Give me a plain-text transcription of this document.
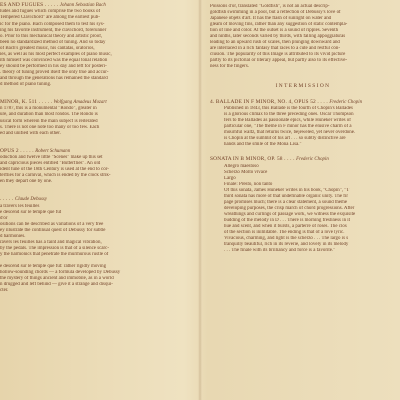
ES AND FUGUES . . . . . Johann Sebastian Bach
ludes and fugues which comprise the two books of
Tempered Clavichord" are among the earliest pub-
ic for the piano. Bach composed them to test his sys-
ing his favorite instrument, the clavichord, forerunner
o. Prior to this mechanical theory and artistic proof,
been no standardized method of tuning. And so today
of Bach's greatest music, his cantatas, oratorios,
ies, as well as his most perfect examples of piano music,
ith himself was convinced was the equal tonal relation
ey should be performed in his day and left for posteri-
. theory of tuning proved itself the only true and accur-
and through the generations has remained the standard
d method of piano tuning.
MINOR, K. 511 . . . . . Wolfgang Amadeus Mozart
n 1787, this is a monumental "Rondo", greater in
ure, and duration than most rondos. The Rondo is
usical form wherein the main subject is reiterated
s. There is not one note too many or too few. Each
ed and unified with each other.
OPUS 2 . . . . . Robert Schumann
oduction and twelve little "Scenes" make up this set
and capricious pieces entitled "Butterflies". An old
ident tune of the 18th Century is used at the end to cor-
terflies for a carnival, which is ended by the clock strik-
en they depart one by one.
. . . . . Claude Debussy
a travers les feuilles
e descend sur le temple que fut
d'or
ositions can be described as variations of a very free
ey illustrate the continual quest of Debussy for subtle
d harmonies.
ravers les feuilles has a faint and magical vibration,
by the pedals. The impression is that of a silence scarc-
y the harmonics that penetrate the murmurous rustle of
e descend sur le temple que fut: rather rigidly moving
hollow-sounding chords — a formula developed by Debussy
the mystery of things ancient and immobile, as in a world
n drugged and left behind — give it a strange and disqui-
cter.
Poissons d'or, translated "Goldfish", is not an actual descrip-
goldfish swimming in a pool, but a reflection of Debussy's love of
Japanese objets d'art. It has the flash of sunlight on water and
gleam of moving fins, rather than any suggestion of static contempla-
tion of line and color. At the outset is a sound of ripples. Seventh
and ninths, later seconds varied by thirds, with falling appoggiaturas
leading to an upward rush of scales, then plunging downward and
are interlaced in a rich fantasy that races to a cute and restful con-
clusion. The popularity of this Image is attributed to its vivid picture
partly to its pictorial or literary appeal, but partly also to its effective-
ness for the fingers.
INTERMISSION
4. BALLADE IN F MINOR, NO. 4, OPUS 52 . . . . Frederic Chopin
Published in 1843, this Ballade is the fourth of Chopin's Ballades
is a glorious climax to the three preceding ones. Oscar Thompson
fers to the Ballades as passionate epics, while Huneker writes of
particular one, "The theme in F minor has the elusive charm of a
mournful waltz, that returns twice, bejeweled, yet never overdone.
is Chopin at the summit of his art . . . so subtly distinctive are
hands and the smile of the Mona Lisa."
SONATA IN B MINOR, OP. 58 . . . . Frederic Chopin
Allegro maestoso
Scherzo Molto vivace
Largo
Finale: Presto, non tanto
Of this sonata, James Huneker writes in his book, "Chopin", "T
third sonata has more of that undefinable organic unity. The fir
page promises much; there is a clear statement, a sound theme
developing purposes, the crisp march of chord progressions. After
wreathings and curlings of passage work, we witness the exquisite
budding of the melody in D . . . There is morning freshness in it
hue and scent, and when it bursts, a parterre of roses. The clos
of the section is inimitable. The ending is that of a love lyric.
Vivacious, charming, and light is the scherzo . . . The largo is s
tranquilly beautiful, rich in its reverie, and lovely in its melody
. . . The finale with its brilliancy and force is a favorite."
